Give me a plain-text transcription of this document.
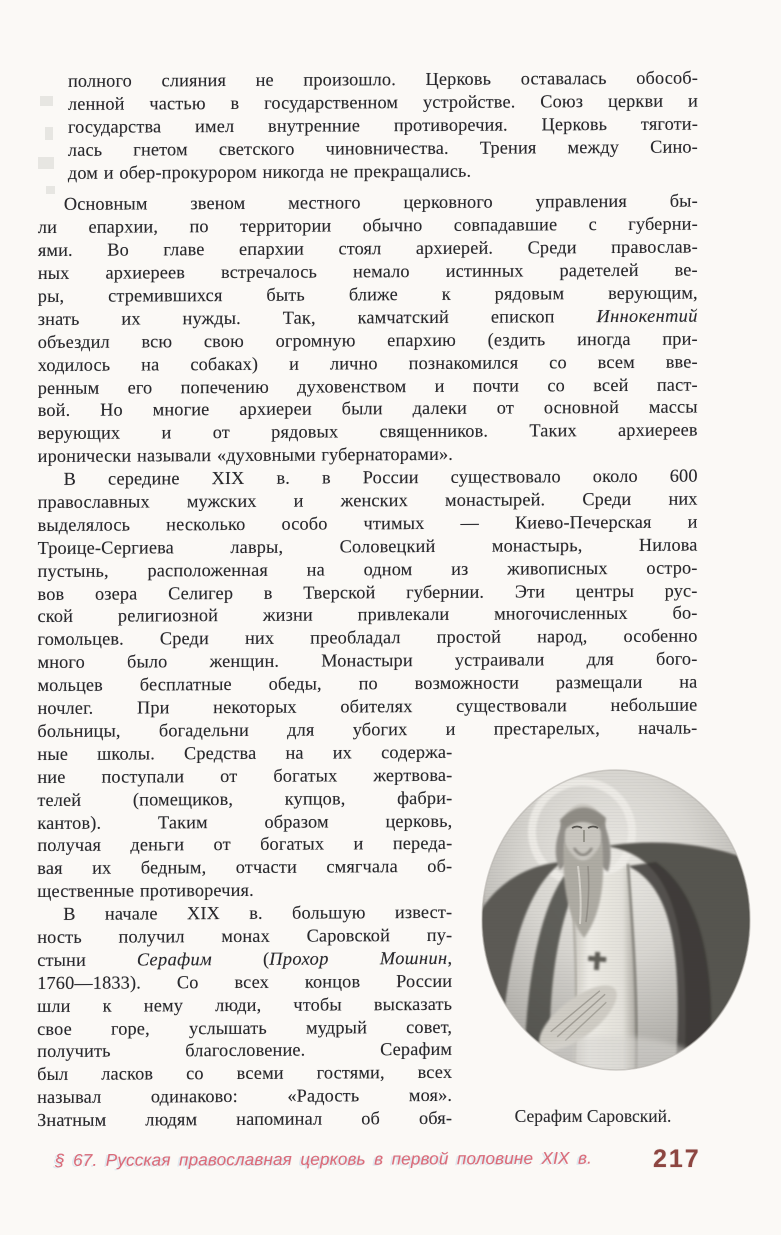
полного слияния не произошло. Церковь оставалась обособ-
ленной частью в государственном устройстве. Союз церкви и
государства имел внутренние противоречия. Церковь тяготи-
лась гнетом светского чиновничества. Трения между Сино-
дом и обер-прокурором никогда не прекращались.
Основным звеном местного церковного управления бы-
ли епархии, по территории обычно совпадавшие с губерни-
ями. Во главе епархии стоял архиерей. Среди православ-
ных архиереев встречалось немало истинных радетелей ве-
ры, стремившихся быть ближе к рядовым верующим,
знать их нужды. Так, камчатский епископ Иннокентий
объездил всю свою огромную епархию (ездить иногда при-
ходилось на собаках) и лично познакомился со всем вве-
ренным его попечению духовенством и почти со всей паст-
вой. Но многие архиереи были далеки от основной массы
верующих и от рядовых священников. Таких архиереев
иронически называли «духовными губернаторами».
В середине XIX в. в России существовало около 600
православных мужских и женских монастырей. Среди них
выделялось несколько особо чтимых — Киево-Печерская и
Троице-Сергиева лавры, Соловецкий монастырь, Нилова
пустынь, расположенная на одном из живописных остро-
вов озера Селигер в Тверской губернии. Эти центры рус-
ской религиозной жизни привлекали многочисленных бо-
гомольцев. Среди них преобладал простой народ, особенно
много было женщин. Монастыри устраивали для бого-
мольцев бесплатные обеды, по возможности размещали на
ночлег. При некоторых обителях существовали небольшие
больницы, богадельни для убогих и престарелых, началь-
ные школы. Средства на их содержа-
ние поступали от богатых жертвова-
телей (помещиков, купцов, фабри-
кантов). Таким образом церковь,
получая деньги от богатых и переда-
вая их бедным, отчасти смягчала об-
щественные противоречия.
В начале XIX в. большую извест-
ность получил монах Саровской пу-
стыни Серафим (Прохор Мошнин,
1760—1833). Со всех концов России
шли к нему люди, чтобы высказать
свое горе, услышать мудрый совет,
получить благословение. Серафим
был ласков со всеми гостями, всех
называл одинаково: «Радость моя».
Знатным людям напоминал об обя-	Серафим Саровский.
§ 67. Русская православная церковь в первой половине XIX в. 217
